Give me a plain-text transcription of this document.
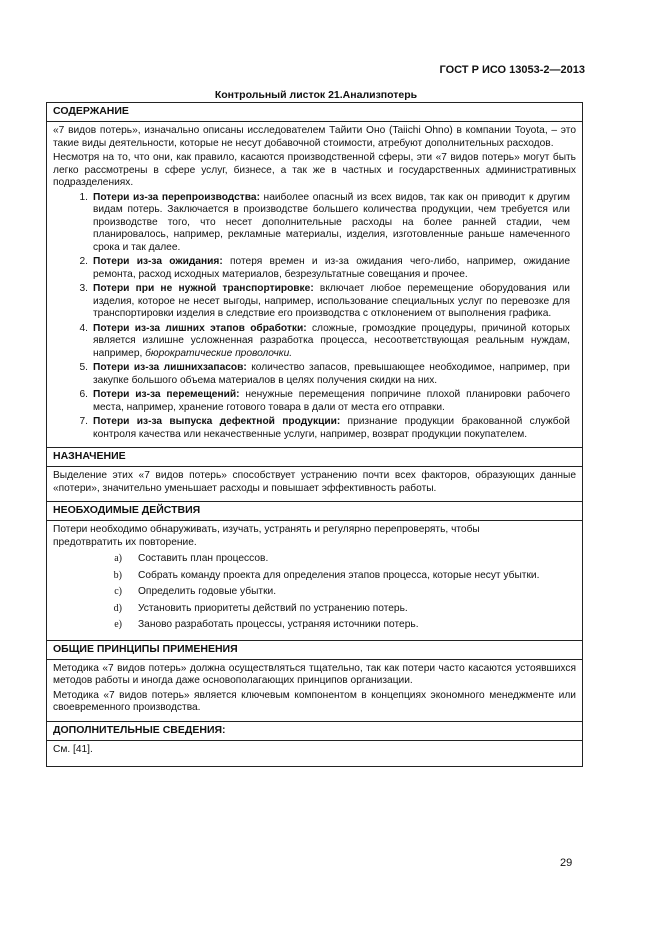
ГОСТ Р ИСО 13053-2—2013
Контрольный листок 21.Анализпотерь
СОДЕРЖАНИЕ

«7 видов потерь», изначально описаны исследователем Тайити Оно (Taiichi Ohno) в компании Toyota, – это такие виды деятельности, которые не несут добавочной стоимости, атребуют дополнительных расходов.

Несмотря на то, что они, как правило, касаются производственной сферы, эти «7 видов потерь» могут быть легко рассмотрены в сфере услуг, бизнесе, а так же в частных и государственных административных подразделениях.

1. Потери из-за перепроизводства: наиболее опасный из всех видов, так как он приводит к другим видам потерь. Заключается в производстве большего количества продукции, чем требуется или производстве того, что несет дополнительные расходы на более ранней стадии, чем планировалось, например, рекламные материалы, изделия, изготовленные раньше намеченного срока и так далее.
2. Потери из-за ожидания: потеря времен и из-за ожидания чего-либо, например, ожидание ремонта, расход исходных материалов, безрезультатные совещания и прочее.
3. Потери при не нужной транспортировке: включает любое перемещение оборудования или изделия, которое не несет выгоды, например, использование специальных услуг по перевозке для транспортировки изделия в следствие его производства с отклонением от выполнения графика.
4. Потери из-за лишних этапов обработки: сложные, громоздкие процедуры, причиной которых является излишне усложненная разработка процесса, несоответствующая реальным нуждам, например, бюрократические проволочки.
5. Потери из-за лишнихзапасов: количество запасов, превышающее необходимое, например, при закупке большого объема материалов в целях получения скидки на них.
6. Потери из-за перемещений: ненужные перемещения попричине плохой планировки рабочего места, например, хранение готового товара в дали от места его отправки.
7. Потери из-за выпуска дефектной продукции: признание продукции бракованной службой контроля качества или некачественные услуги, например, возврат продукции покупателем.
НАЗНАЧЕНИЕ

Выделение этих «7 видов потерь» способствует устранению почти всех факторов, образующих данные «потери», значительно уменьшает расходы и повышает эффективность работы.

НЕОБХОДИМЫЕ ДЕЙСТВИЯ

Потери необходимо обнаруживать, изучать, устранять и регулярно перепроверять, чтобы предотвратить их повторение.

a)	Составить план процессов.
b)	Собрать команду проекта для определения этапов процесса, которые несут убытки.
c)	Определить годовые убытки.
d)	Установить приоритеты действий по устранению потерь.
e)	Заново разработать процессы, устраняя источники потерь.
ОБЩИЕ ПРИНЦИПЫ ПРИМЕНЕНИЯ

Методика «7 видов потерь» должна осуществляться тщательно, так как потери часто касаются устоявшихся методов работы и иногда даже основополагающих принципов организации.

Методика «7 видов потерь» является ключевым компонентом в концепциях экономного менеджменте или своевременного производства.

ДОПОЛНИТЕЛЬНЫЕ СВЕДЕНИЯ:

См. [41].

29
